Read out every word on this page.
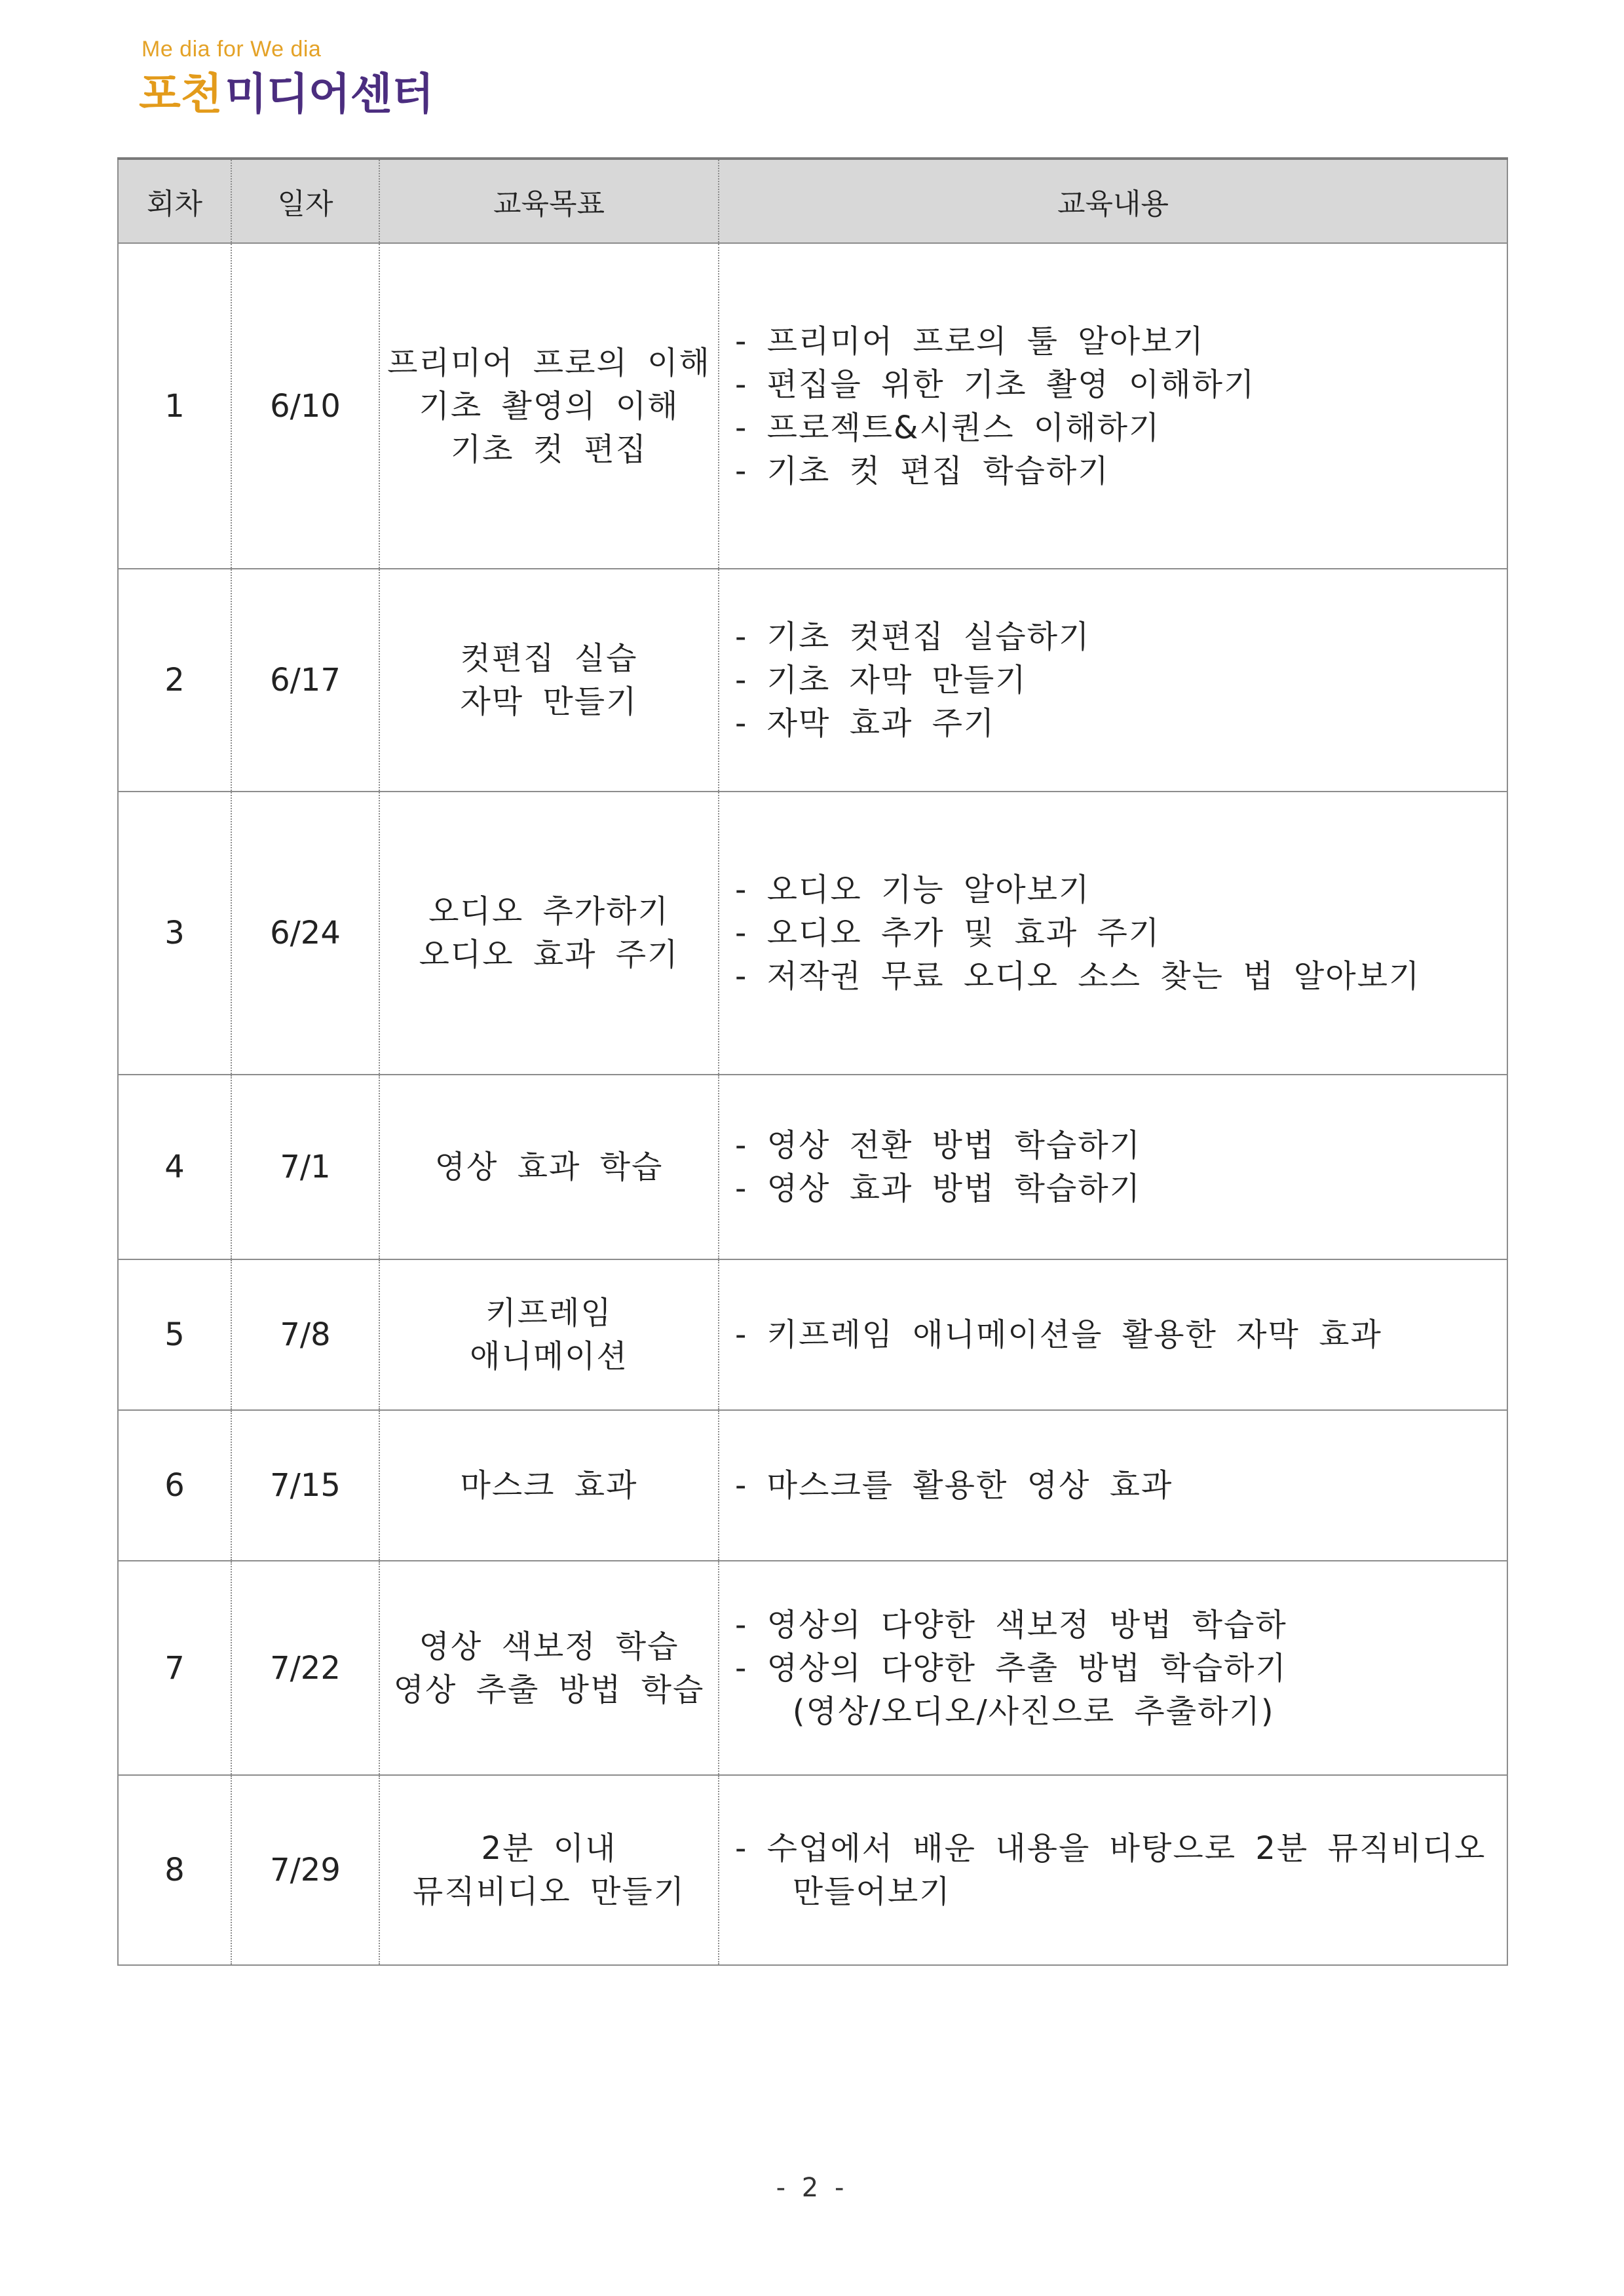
Me dia for We dia
포천 미디어센터
회차	일자	교육목표	교육내용
1	6/10	프리미어 프로의 이해
기초 촬영의 이해
기초 컷 편집	- 프리미어 프로의 툴 알아보기
- 편집을 위한 기초 촬영 이해하기
- 프로젝트&시퀀스 이해하기
- 기초 컷 편집 학습하기

2	6/17	컷편집 실습
자막 만들기	- 기초 컷편집 실습하기
- 기초 자막 만들기
- 자막 효과 주기

3	6/24	오디오 추가하기
오디오 효과 주기	- 오디오 기능 알아보기
- 오디오 추가 및 효과 주기
- 저작권 무료 오디오 소스 찾는 법 알아보기

4	7/1	영상 효과 학습	- 영상 전환 방법 학습하기
- 영상 효과 방법 학습하기

5	7/8	키프레임
애니메이션	- 키프레임 애니메이션을 활용한 자막 효과

6	7/15	마스크 효과	- 마스크를 활용한 영상 효과

7	7/22	영상 색보정 학습
영상 추출 방법 학습	- 영상의 다양한 색보정 방법 학습하
- 영상의 다양한 추출 방법 학습하기
(영상/오디오/사진으로 추출하기)

8	7/29	2분 이내
뮤직비디오 만들기	- 수업에서 배운 내용을 바탕으로 2분 뮤직비디오
만들어보기
- 2 -
